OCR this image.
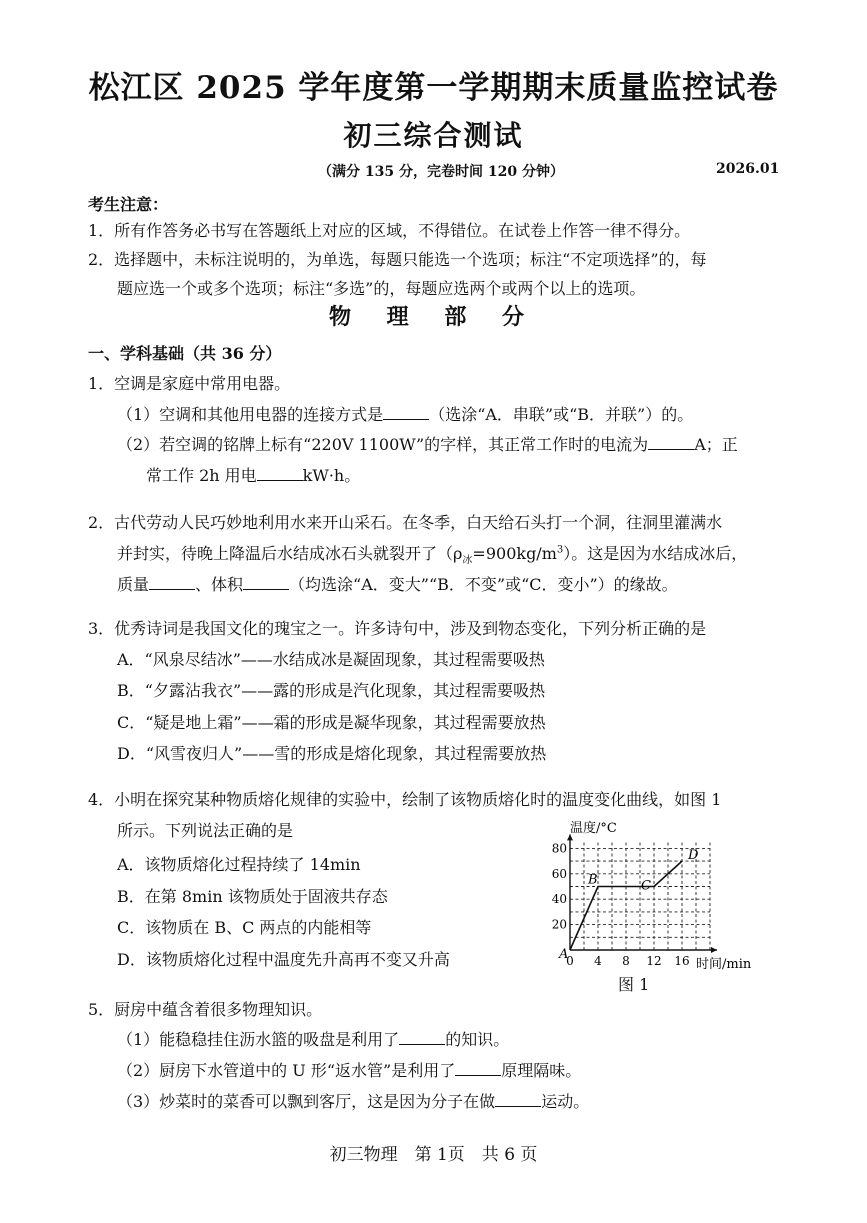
松江区 2025 学年度第一学期期末质量监控试卷
初三综合测试
（满分 135 分，完卷时间 120 分钟）	2026.01
考生注意：
1．所有作答务必书写在答题纸上对应的区域，不得错位。在试卷上作答一律不得分。
2．选择题中，未标注说明的，为单选，每题只能选一个选项；标注“不定项选择”的，每
题应选一个或多个选项；标注“多选”的，每题应选两个或两个以上的选项。
物 理 部 分
一、学科基础（共 36 分）
1．空调是家庭中常用电器。
（1）空调和其他用电器的连接方式是	（选涂“A．串联”或“B．并联”）的。
（2）若空调的铭牌上标有“220V 1100W”的字样，其正常工作时的电流为	A；正
常工作 2h 用电	kW·h。
2．古代劳动人民巧妙地利用水来开山采石。在冬季，白天给石头打一个洞，往洞里灌满水
并封实，待晚上降温后水结成冰石头就裂开了$(\rho_冰=900kg/m^3)$。这是因为水结成冰后，
质量	、体积	（均选涂“A．变大”“B．不变”或“C．变小”）的缘故。
3．优秀诗词是我国文化的瑰宝之一。许多诗句中，涉及到物态变化，下列分析正确的是
A．“风泉尽结冰”——水结成冰是凝固现象，其过程需要吸热
B．“夕露沾我衣”——露的形成是汽化现象，其过程需要吸热
C．“疑是地上霜”——霜的形成是凝华现象，其过程需要放热
D．“风雪夜归人”——雪的形成是熔化现象，其过程需要放热
4．小明在探究某种物质熔化规律的实验中，绘制了该物质熔化时的温度变化曲线，如图 1
所示。下列说法正确的是
A．该物质熔化过程持续了 14min
B．在第 8min 该物质处于固液共存态
C．该物质在 B、C 两点的内能相等
D．该物质熔化过程中温度先升高再不变又升高
20
40
60
80
0 4 8 12 16
A
B	C
D
温度/°C
时间/min
图 1
5．厨房中蕴含着很多物理知识。
（1）能稳稳挂住沥水篮的吸盘是利用了	的知识。
（2）厨房下水管道中的 U 形“返水管”是利用了	原理隔味。
（3）炒菜时的菜香可以飘到客厅，这是因为分子在做	运动。
初三物理　第 1页　共 6 页
